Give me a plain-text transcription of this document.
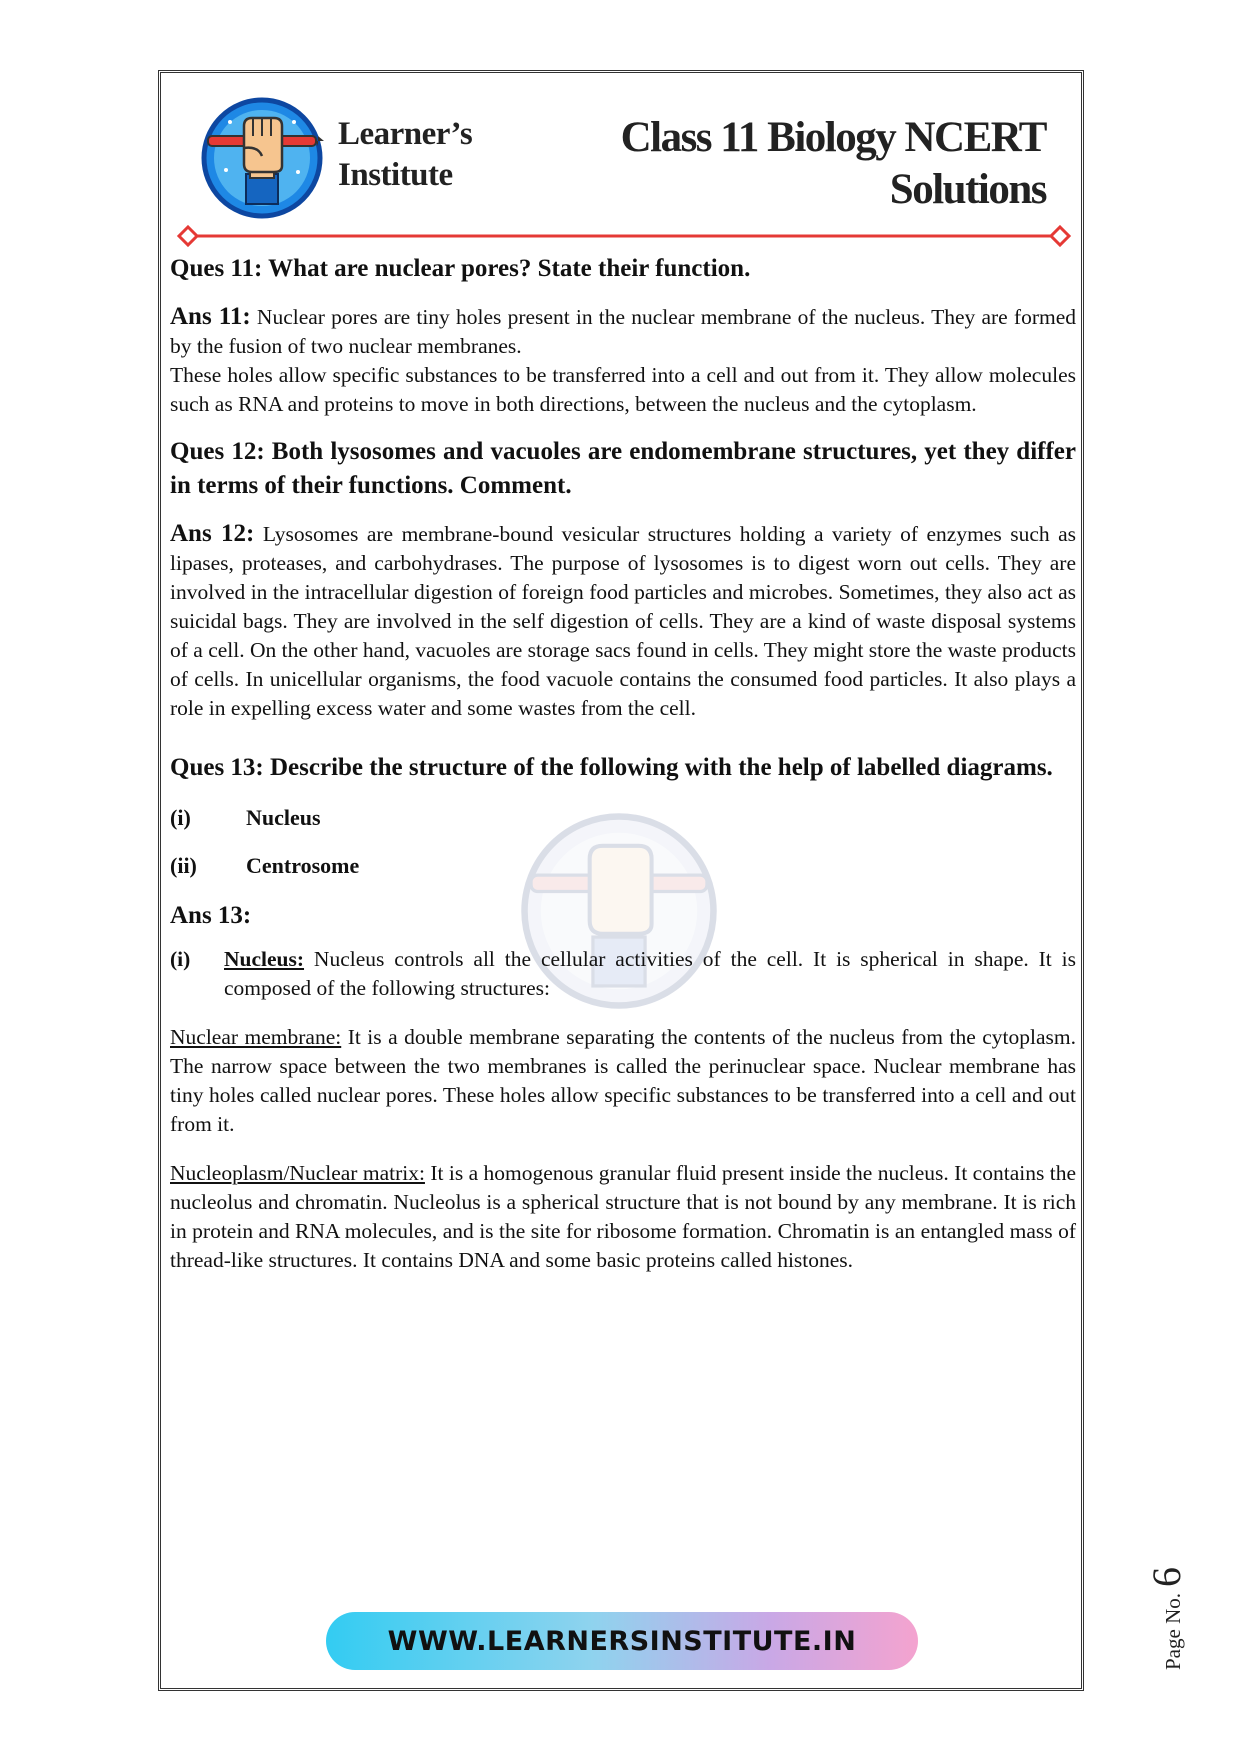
Learner’s
Institute
Class 11 Biology NCERT
Solutions

Ques 11: What are nuclear pores? State their function.

Ans 11: Nuclear pores are tiny holes present in the nuclear membrane of the nucleus. They are formed by the fusion of two nuclear membranes.

These holes allow specific substances to be transferred into a cell and out from it. They allow molecules such as RNA and proteins to move in both directions, between the nucleus and the cytoplasm.

Ques 12: Both lysosomes and vacuoles are endomembrane structures, yet they differ in terms of their functions. Comment.

Ans 12: Lysosomes are membrane-bound vesicular structures holding a variety of enzymes such as lipases, proteases, and carbohydrases. The purpose of lysosomes is to digest worn out cells. They are involved in the intracellular digestion of foreign food particles and microbes. Sometimes, they also act as suicidal bags. They are involved in the self digestion of cells. They are a kind of waste disposal systems of a cell. On the other hand, vacuoles are storage sacs found in cells. They might store the waste products of cells. In unicellular organisms, the food vacuole contains the consumed food particles. It also plays a role in expelling excess water and some wastes from the cell.

Ques 13: Describe the structure of the following with the help of labelled diagrams.

(i)	Nucleus
(ii)	Centrosome

Ans 13:

(i)	Nucleus: Nucleus controls all the cellular activities of the cell. It is spherical in shape. It is composed of the following structures:

Nuclear membrane: It is a double membrane separating the contents of the nucleus from the cytoplasm. The narrow space between the two membranes is called the perinuclear space. Nuclear membrane has tiny holes called nuclear pores. These holes allow specific substances to be transferred into a cell and out from it.

Nucleoplasm/Nuclear matrix: It is a homogenous granular fluid present inside the nucleus. It contains the nucleolus and chromatin. Nucleolus is a spherical structure that is not bound by any membrane. It is rich in protein and RNA molecules, and is the site for ribosome formation. Chromatin is an entangled mass of thread-like structures. It contains DNA and some basic proteins called histones.

WWW.LEARNERSINSTITUTE.IN	Page No.6
